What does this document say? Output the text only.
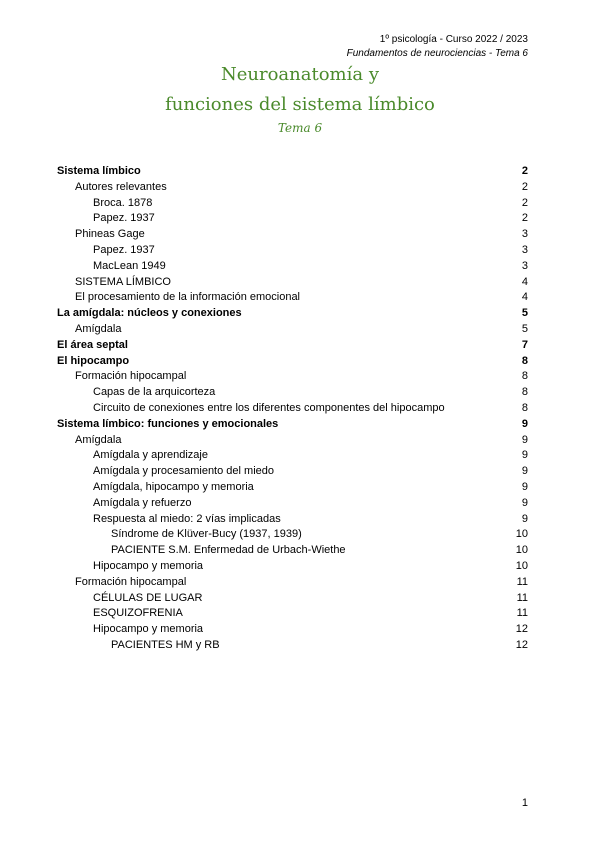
1º psicología - Curso 2022 / 2023
Fundamentos de neurociencias - Tema 6
Neuroanatomía y
funciones del sistema límbico
Tema 6
Sistema límbico	2
Autores relevantes	2
Broca. 1878	2
Papez. 1937	2
Phineas Gage	3
Papez. 1937	3
MacLean 1949	3
SISTEMA LÍMBICO	4
El procesamiento de la información emocional	4
La amígdala: núcleos y conexiones	5
Amígdala	5
El área septal	7
El hipocampo	8
Formación hipocampal	8
Capas de la arquicorteza	8
Circuito de conexiones entre los diferentes componentes del hipocampo	8
Sistema límbico: funciones y emocionales	9
Amígdala	9
Amígdala y aprendizaje	9
Amígdala y procesamiento del miedo	9
Amígdala, hipocampo y memoria	9
Amígdala y refuerzo	9
Respuesta al miedo: 2 vías implicadas	9
Síndrome de Klüver-Bucy (1937, 1939)	10
PACIENTE S.M. Enfermedad de Urbach-Wiethe	10
Hipocampo y memoria	10
Formación hipocampal	11
CÉLULAS DE LUGAR	11
ESQUIZOFRENIA	11
Hipocampo y memoria	12
PACIENTES HM y RB	12
1
